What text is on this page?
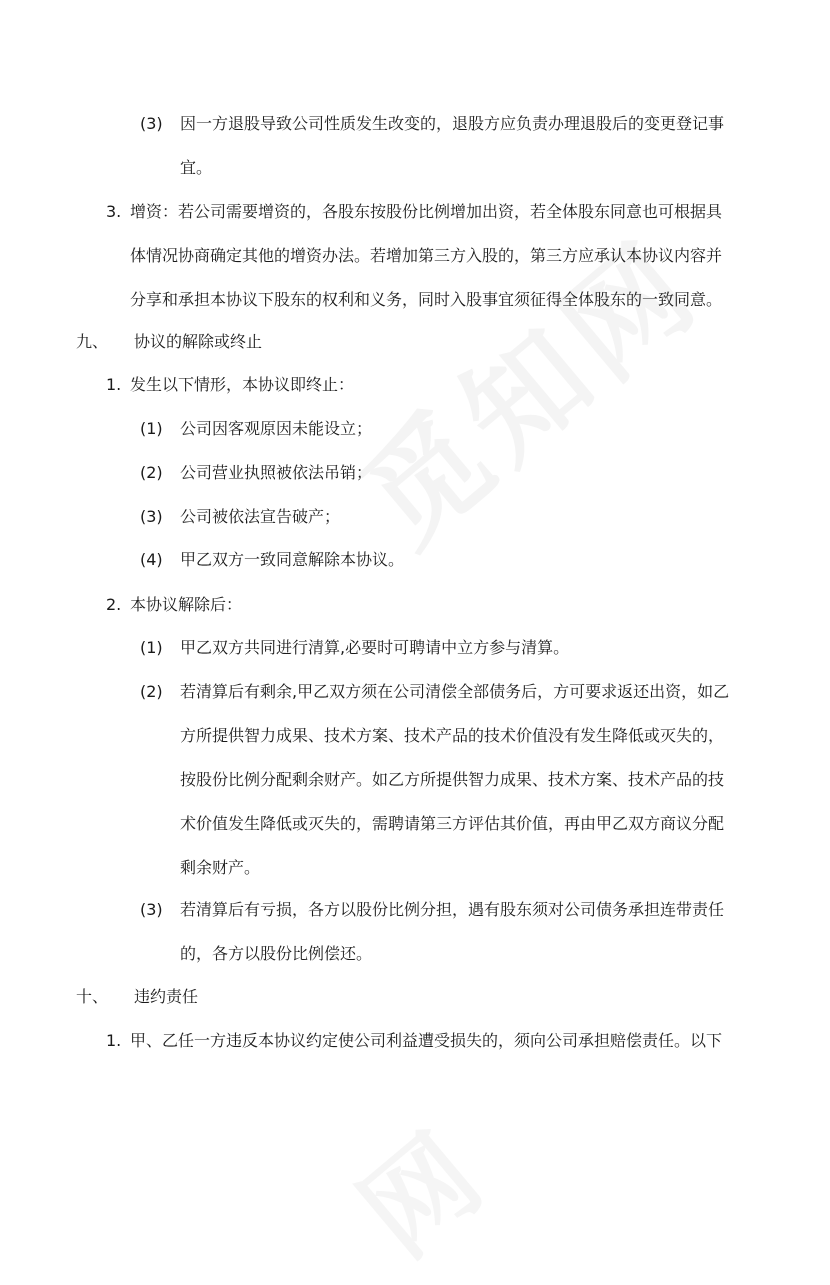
(3) 因一方退股导致公司性质发生改变的，退股方应负责办理退股后的变更登记事
宜。
3. 增资：若公司需要增资的，各股东按股份比例增加出资，若全体股东同意也可根据具
体情况协商确定其他的增资办法。若增加第三方入股的，第三方应承认本协议内容并
分享和承担本协议下股东的权利和义务，同时入股事宜须征得全体股东的一致同意。
九、 协议的解除或终止
1. 发生以下情形，本协议即终止：
(1) 公司因客观原因未能设立；
(2) 公司营业执照被依法吊销；
(3) 公司被依法宣告破产；
(4) 甲乙双方一致同意解除本协议。
2. 本协议解除后：
(1) 甲乙双方共同进行清算,必要时可聘请中立方参与清算。
(2) 若清算后有剩余,甲乙双方须在公司清偿全部债务后，方可要求返还出资，如乙
方所提供智力成果、技术方案、技术产品的技术价值没有发生降低或灭失的，
按股份比例分配剩余财产。如乙方所提供智力成果、技术方案、技术产品的技
术价值发生降低或灭失的，需聘请第三方评估其价值，再由甲乙双方商议分配
剩余财产。
(3) 若清算后有亏损，各方以股份比例分担，遇有股东须对公司债务承担连带责任
的，各方以股份比例偿还。
十、 违约责任
1. 甲、乙任一方违反本协议约定使公司利益遭受损失的，须向公司承担赔偿责任。以下
